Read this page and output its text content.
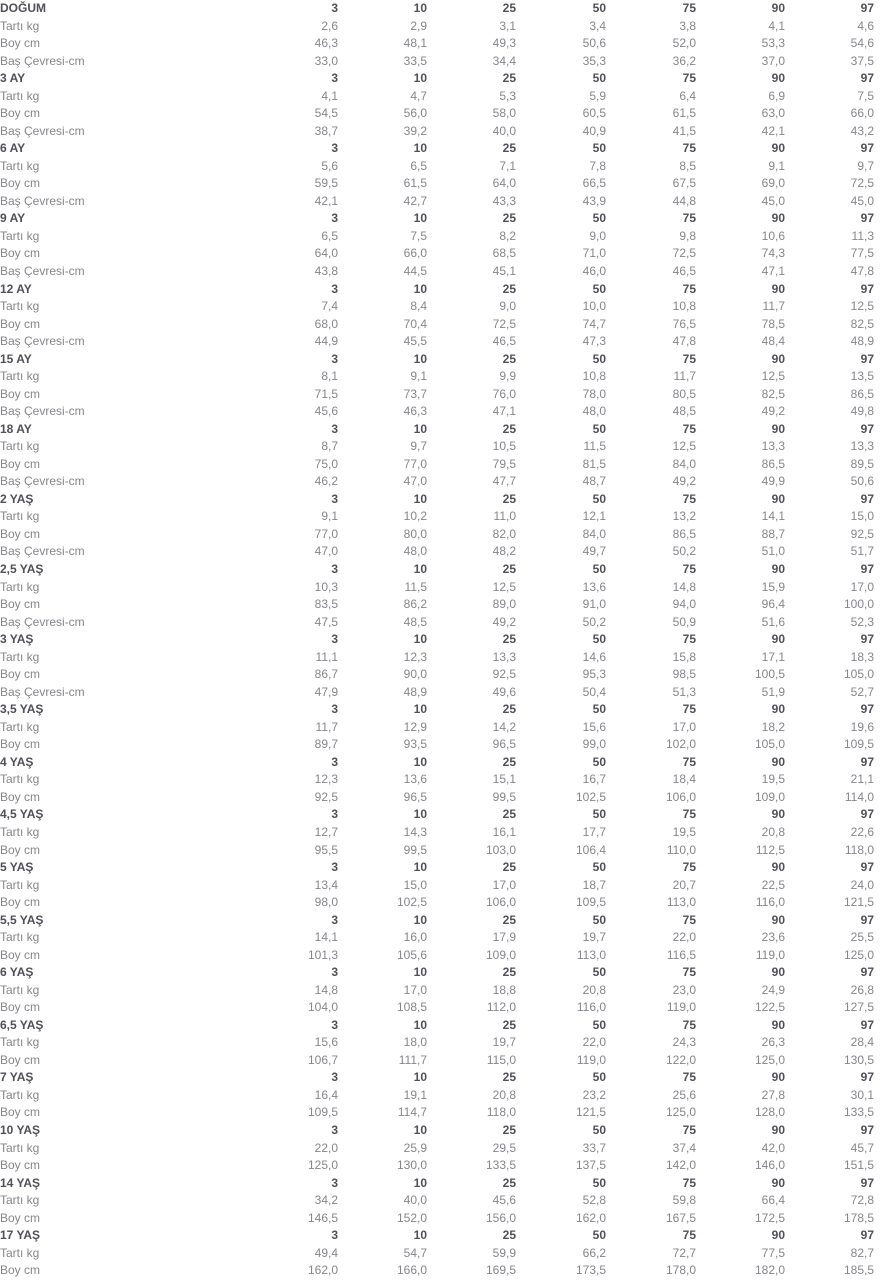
DOĞUM	3	10	25	50	75	90	97
Tartı kg	2,6	2,9	3,1	3,4	3,8	4,1	4,6
Boy cm	46,3	48,1	49,3	50,6	52,0	53,3	54,6
Baş Çevresi-cm	33,0	33,5	34,4	35,3	36,2	37,0	37,5
3 AY	3	10	25	50	75	90	97
Tartı kg	4,1	4,7	5,3	5,9	6,4	6,9	7,5
Boy cm	54,5	56,0	58,0	60,5	61,5	63,0	66,0
Baş Çevresi-cm	38,7	39,2	40,0	40,9	41,5	42,1	43,2
6 AY	3	10	25	50	75	90	97
Tartı kg	5,6	6,5	7,1	7,8	8,5	9,1	9,7
Boy cm	59,5	61,5	64,0	66,5	67,5	69,0	72,5
Baş Çevresi-cm	42,1	42,7	43,3	43,9	44,8	45,0	45,0
9 AY	3	10	25	50	75	90	97
Tartı kg	6,5	7,5	8,2	9,0	9,8	10,6	11,3
Boy cm	64,0	66,0	68,5	71,0	72,5	74,3	77,5
Baş Çevresi-cm	43,8	44,5	45,1	46,0	46,5	47,1	47,8
12 AY	3	10	25	50	75	90	97
Tartı kg	7,4	8,4	9,0	10,0	10,8	11,7	12,5
Boy cm	68,0	70,4	72,5	74,7	76,5	78,5	82,5
Baş Çevresi-cm	44,9	45,5	46,5	47,3	47,8	48,4	48,9
15 AY	3	10	25	50	75	90	97
Tartı kg	8,1	9,1	9,9	10,8	11,7	12,5	13,5
Boy cm	71,5	73,7	76,0	78,0	80,5	82,5	86,5
Baş Çevresi-cm	45,6	46,3	47,1	48,0	48,5	49,2	49,8
18 AY	3	10	25	50	75	90	97
Tartı kg	8,7	9,7	10,5	11,5	12,5	13,3	13,3
Boy cm	75,0	77,0	79,5	81,5	84,0	86,5	89,5
Baş Çevresi-cm	46,2	47,0	47,7	48,7	49,2	49,9	50,6
2 YAŞ	3	10	25	50	75	90	97
Tartı kg	9,1	10,2	11,0	12,1	13,2	14,1	15,0
Boy cm	77,0	80,0	82,0	84,0	86,5	88,7	92,5
Baş Çevresi-cm	47,0	48,0	48,2	49,7	50,2	51,0	51,7
2,5 YAŞ	3	10	25	50	75	90	97
Tartı kg	10,3	11,5	12,5	13,6	14,8	15,9	17,0
Boy cm	83,5	86,2	89,0	91,0	94,0	96,4	100,0
Baş Çevresi-cm	47,5	48,5	49,2	50,2	50,9	51,6	52,3
3 YAŞ	3	10	25	50	75	90	97
Tartı kg	11,1	12,3	13,3	14,6	15,8	17,1	18,3
Boy cm	86,7	90,0	92,5	95,3	98,5	100,5	105,0
Baş Çevresi-cm	47,9	48,9	49,6	50,4	51,3	51,9	52,7
3,5 YAŞ	3	10	25	50	75	90	97
Tartı kg	11,7	12,9	14,2	15,6	17,0	18,2	19,6
Boy cm	89,7	93,5	96,5	99,0	102,0	105,0	109,5
4 YAŞ	3	10	25	50	75	90	97
Tartı kg	12,3	13,6	15,1	16,7	18,4	19,5	21,1
Boy cm	92,5	96,5	99,5	102,5	106,0	109,0	114,0
4,5 YAŞ	3	10	25	50	75	90	97
Tartı kg	12,7	14,3	16,1	17,7	19,5	20,8	22,6
Boy cm	95,5	99,5	103,0	106,4	110,0	112,5	118,0
5 YAŞ	3	10	25	50	75	90	97
Tartı kg	13,4	15,0	17,0	18,7	20,7	22,5	24,0
Boy cm	98,0	102,5	106,0	109,5	113,0	116,0	121,5
5,5 YAŞ	3	10	25	50	75	90	97
Tartı kg	14,1	16,0	17,9	19,7	22,0	23,6	25,5
Boy cm	101,3	105,6	109,0	113,0	116,5	119,0	125,0
6 YAŞ	3	10	25	50	75	90	97
Tartı kg	14,8	17,0	18,8	20,8	23,0	24,9	26,8
Boy cm	104,0	108,5	112,0	116,0	119,0	122,5	127,5
6,5 YAŞ	3	10	25	50	75	90	97
Tartı kg	15,6	18,0	19,7	22,0	24,3	26,3	28,4
Boy cm	106,7	111,7	115,0	119,0	122,0	125,0	130,5
7 YAŞ	3	10	25	50	75	90	97
Tartı kg	16,4	19,1	20,8	23,2	25,6	27,8	30,1
Boy cm	109,5	114,7	118,0	121,5	125,0	128,0	133,5
10 YAŞ	3	10	25	50	75	90	97
Tartı kg	22,0	25,9	29,5	33,7	37,4	42,0	45,7
Boy cm	125,0	130,0	133,5	137,5	142,0	146,0	151,5
14 YAŞ	3	10	25	50	75	90	97
Tartı kg	34,2	40,0	45,6	52,8	59,8	66,4	72,8
Boy cm	146,5	152,0	156,0	162,0	167,5	172,5	178,5
17 YAŞ	3	10	25	50	75	90	97
Tartı kg	49,4	54,7	59,9	66,2	72,7	77,5	82,7
Boy cm	162,0	166,0	169,5	173,5	178,0	182,0	185,5
